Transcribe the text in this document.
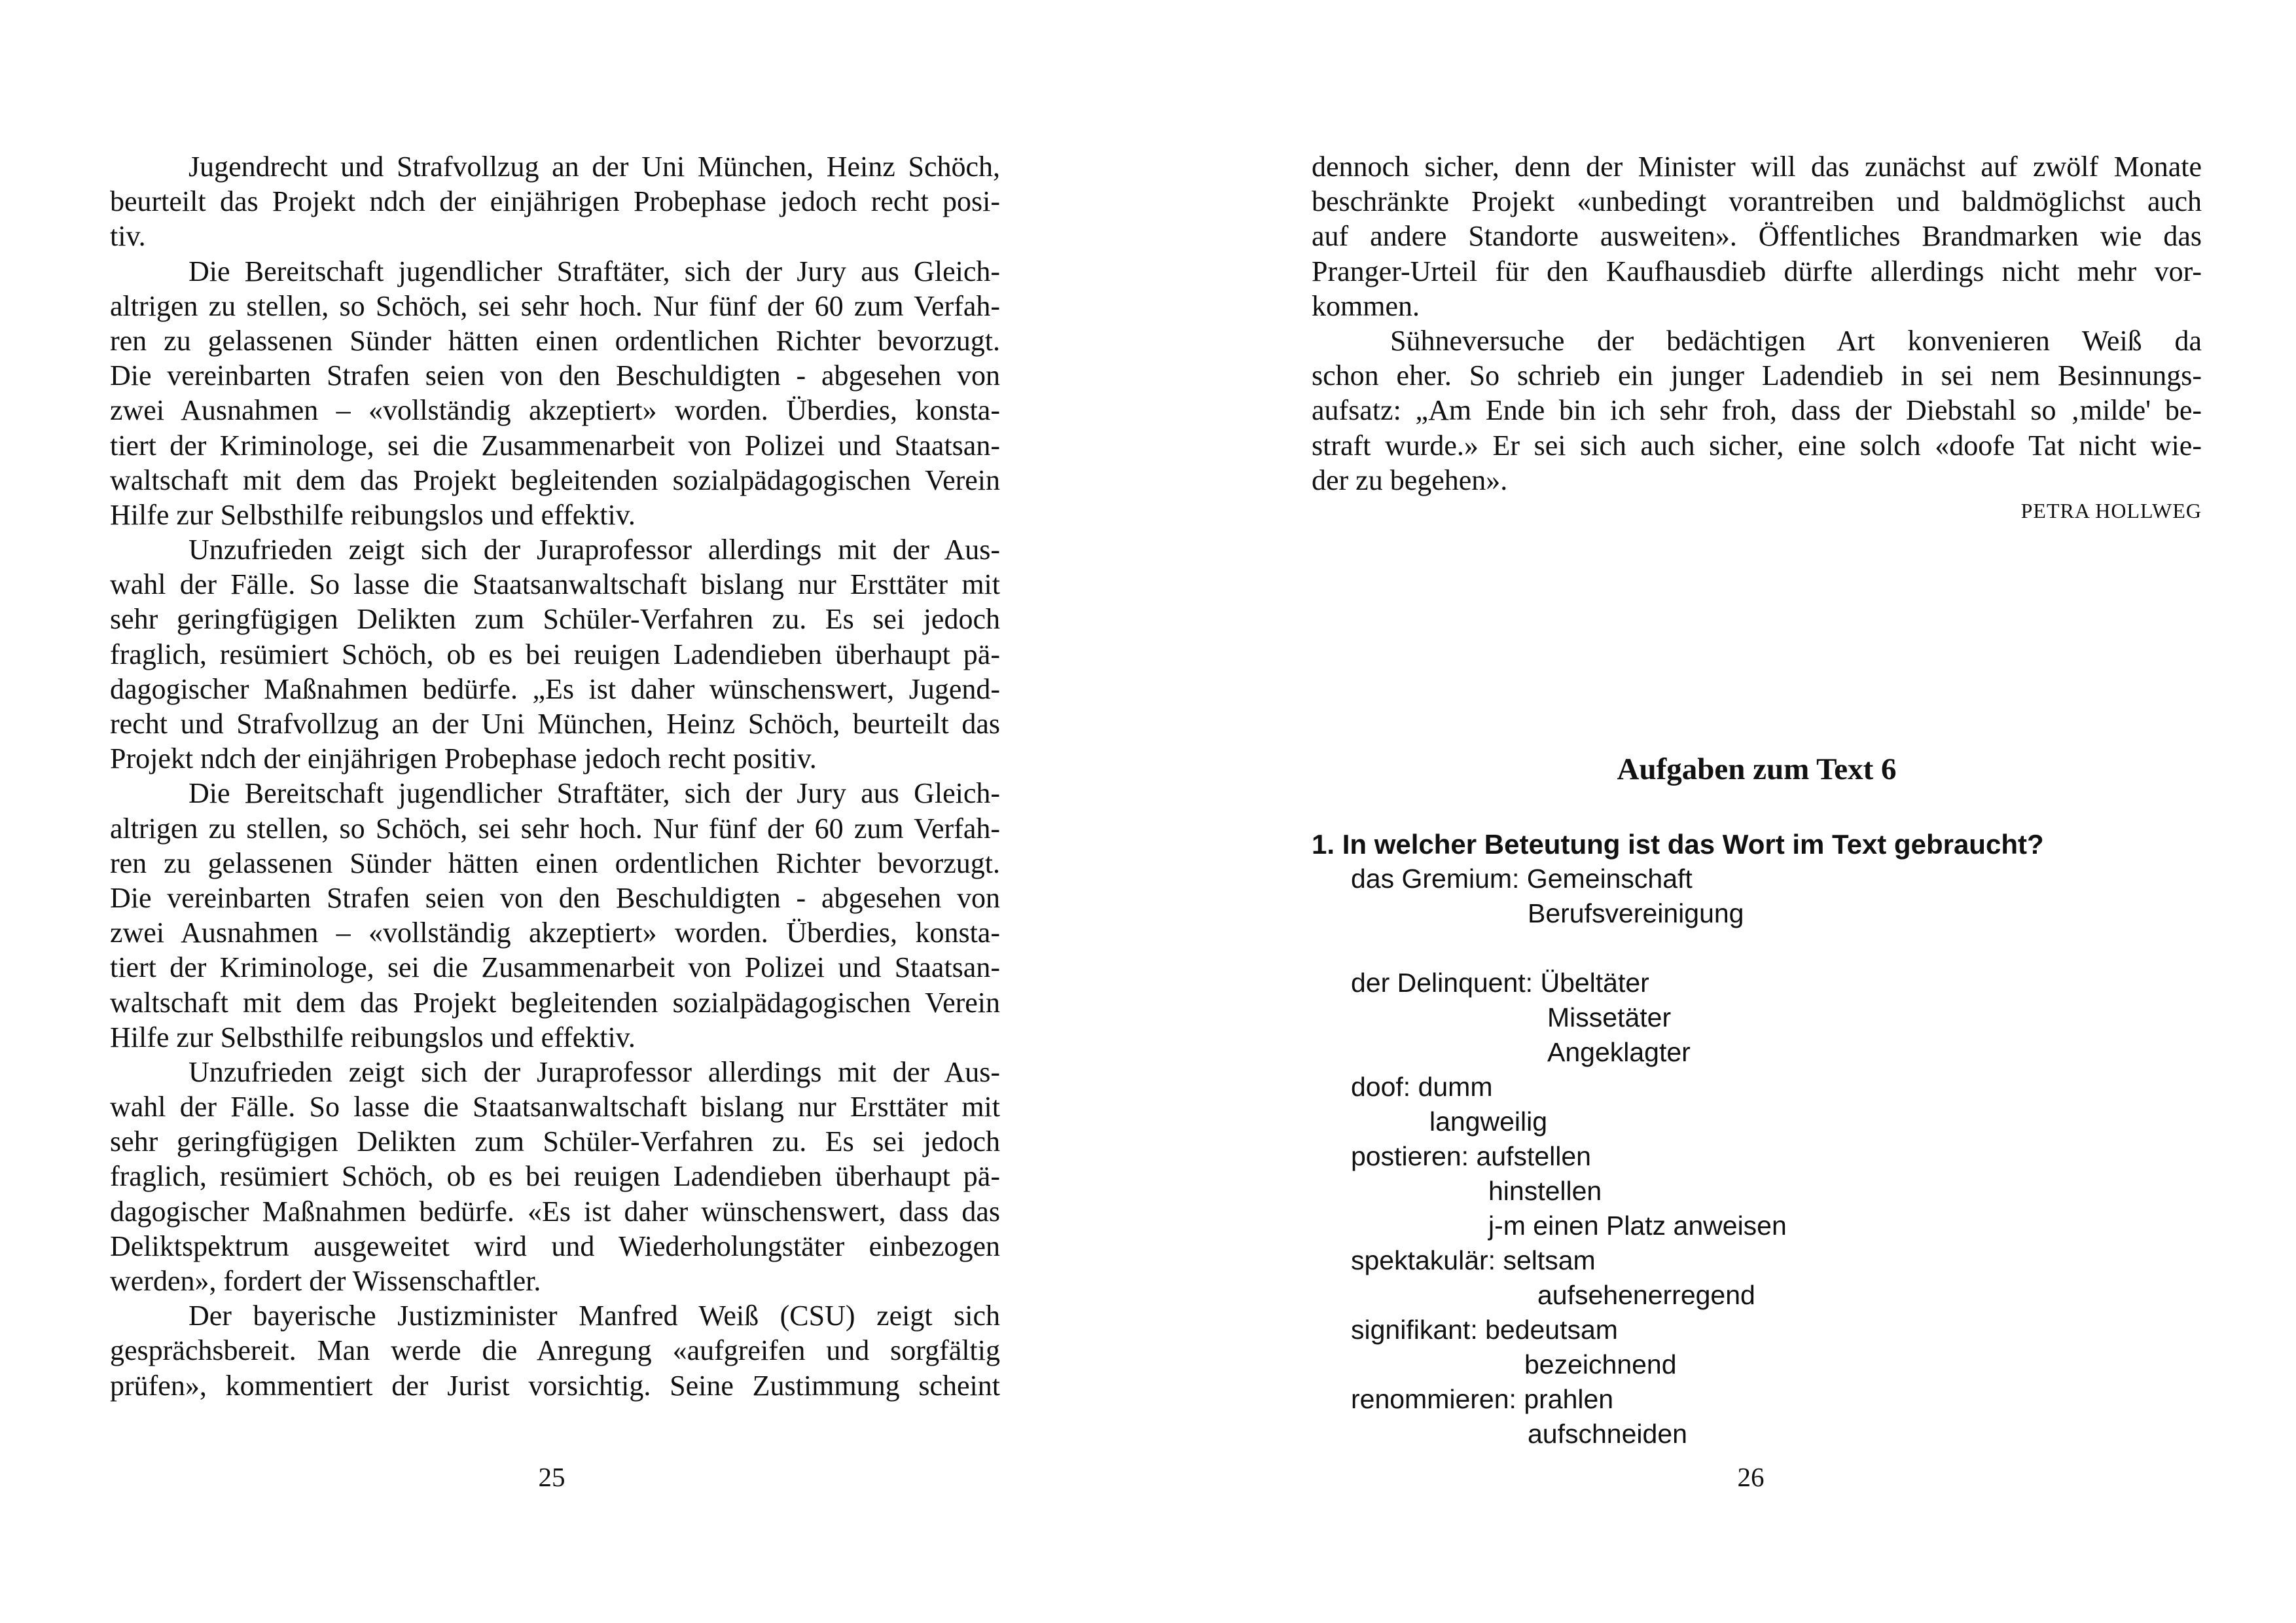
Jugendrecht und Strafvollzug an der Uni München, Heinz Schöch,
beurteilt das Projekt ndch der einjährigen Probephase jedoch recht posi-
tiv.
Die Bereitschaft jugendlicher Straftäter, sich der Jury aus Gleich-
altrigen zu stellen, so Schöch, sei sehr hoch. Nur fünf der 60 zum Verfah-
ren zu gelassenen Sünder hätten einen ordentlichen Richter bevorzugt.
Die vereinbarten Strafen seien von den Beschuldigten - abgesehen von
zwei Ausnahmen – «vollständig akzeptiert» worden. Überdies, konsta-
tiert der Kriminologe, sei die Zusammenarbeit von Polizei und Staatsan-
waltschaft mit dem das Projekt begleitenden sozialpädagogischen Verein
Hilfe zur Selbsthilfe reibungslos und effektiv.
Unzufrieden zeigt sich der Juraprofessor allerdings mit der Aus-
wahl der Fälle. So lasse die Staatsanwaltschaft bislang nur Ersttäter mit
sehr geringfügigen Delikten zum Schüler-Verfahren zu. Es sei jedoch
fraglich, resümiert Schöch, ob es bei reuigen Ladendieben überhaupt pä-
dagogischer Maßnahmen bedürfe. „Es ist daher wünschenswert, Jugend-
recht und Strafvollzug an der Uni München, Heinz Schöch, beurteilt das
Projekt ndch der einjährigen Probephase jedoch recht positiv.
Die Bereitschaft jugendlicher Straftäter, sich der Jury aus Gleich-
altrigen zu stellen, so Schöch, sei sehr hoch. Nur fünf der 60 zum Verfah-
ren zu gelassenen Sünder hätten einen ordentlichen Richter bevorzugt.
Die vereinbarten Strafen seien von den Beschuldigten - abgesehen von
zwei Ausnahmen – «vollständig akzeptiert» worden. Überdies, konsta-
tiert der Kriminologe, sei die Zusammenarbeit von Polizei und Staatsan-
waltschaft mit dem das Projekt begleitenden sozialpädagogischen Verein
Hilfe zur Selbsthilfe reibungslos und effektiv.
Unzufrieden zeigt sich der Juraprofessor allerdings mit der Aus-
wahl der Fälle. So lasse die Staatsanwaltschaft bislang nur Ersttäter mit
sehr geringfügigen Delikten zum Schüler-Verfahren zu. Es sei jedoch
fraglich, resümiert Schöch, ob es bei reuigen Ladendieben überhaupt pä-
dagogischer Maßnahmen bedürfe. «Es ist daher wünschenswert, dass das
Deliktspektrum ausgeweitet wird und Wiederholungstäter einbezogen
werden», fordert der Wissenschaftler.
Der bayerische Justizminister Manfred Weiß (CSU) zeigt sich
gesprächsbereit. Man werde die Anregung «aufgreifen und sorgfältig
prüfen», kommentiert der Jurist vorsichtig. Seine Zustimmung scheint
25
dennoch sicher, denn der Minister will das zunächst auf zwölf Monate
beschränkte Projekt «unbedingt vorantreiben und baldmöglichst auch
auf andere Standorte ausweiten». Öffentliches Brandmarken wie das
Pranger-Urteil für den Kaufhausdieb dürfte allerdings nicht mehr vor-
kommen.
Sühneversuche der bedächtigen Art konvenieren Weiß da
schon eher. So schrieb ein junger Ladendieb in sei nem Besinnungs-
aufsatz: „Am Ende bin ich sehr froh, dass der Diebstahl so ‚milde' be-
straft wurde.» Er sei sich auch sicher, eine solch «doofe Tat nicht wie-
der zu begehen».
PETRA HOLLWEG
Aufgaben zum Text 6
1. In welcher Beteutung ist das Wort im Text gebraucht?
das Gremium: Gemeinschaft
Berufsvereinigung
der Delinquent: Übeltäter
Missetäter
Angeklagter
doof: dumm
langweilig
postieren: aufstellen
hinstellen
j-m einen Platz anweisen
spektakulär: seltsam
aufsehenerregend
signifikant: bedeutsam
bezeichnend
renommieren: prahlen
aufschneiden
26
